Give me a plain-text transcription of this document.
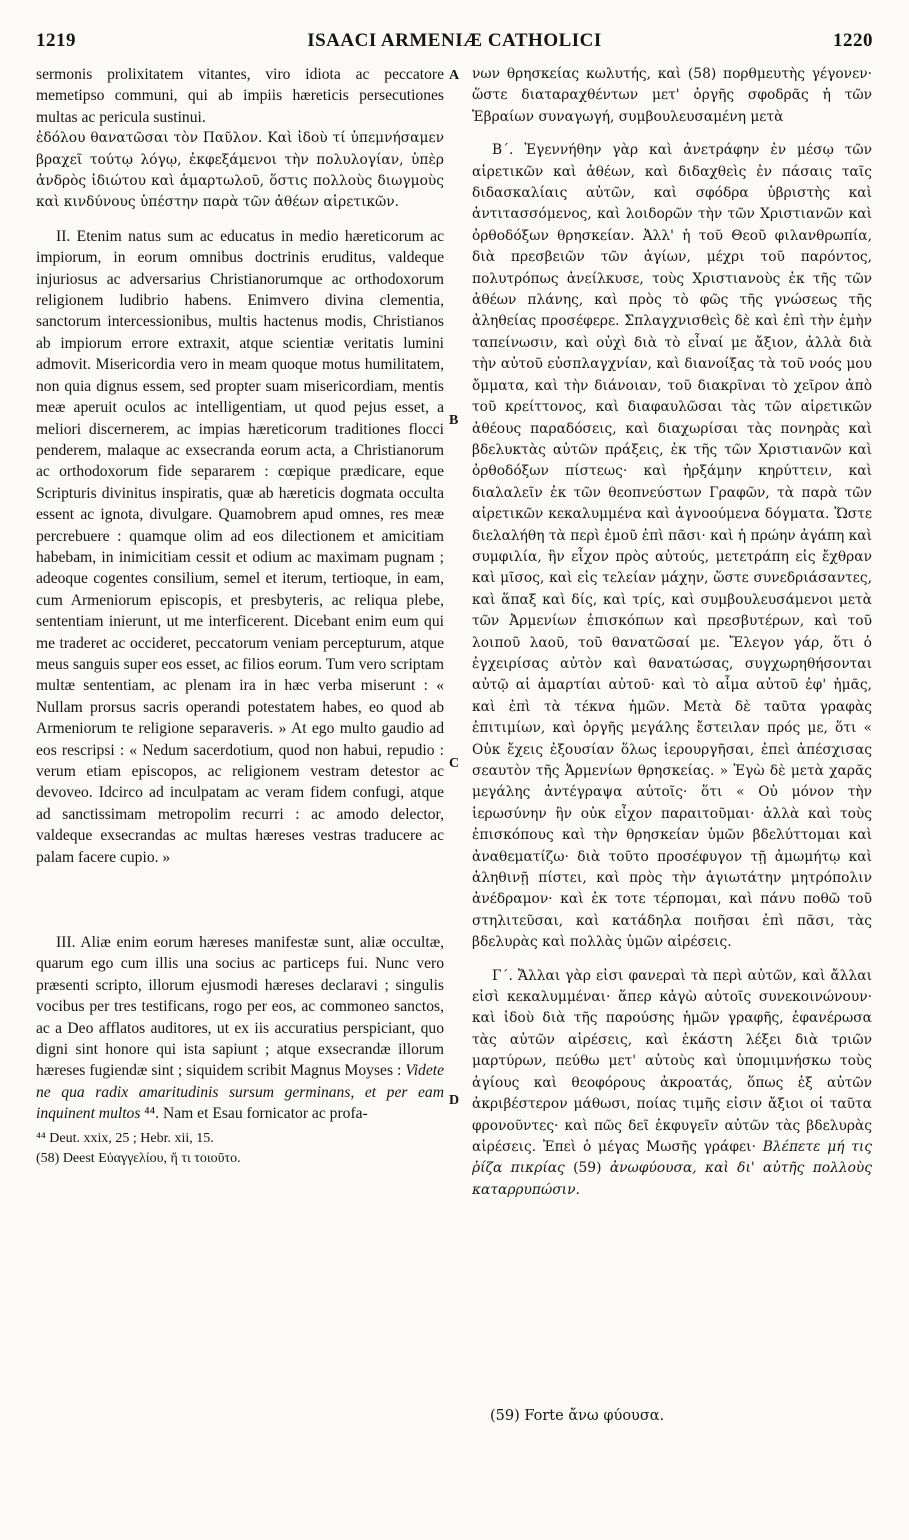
1219	ISAACI ARMENIÆ CATHOLICI	1220
A
B
C
D

sermonis prolixitatem vitantes, viro idiota ac peccatore memetipso communi, qui ab impiis hæreticis persecutiones multas ac pericula sustinui.

ἐδόλου θανατῶσαι τὸν Παῦλον. Καὶ ἰδοὺ τί ὑπεμνήσαμεν βραχεῖ τούτῳ λόγῳ, ἐκφεξάμενοι τὴν πολυλογίαν, ὑπὲρ ἀνδρὸς ἰδιώτου καὶ ἁμαρτωλοῦ, ὅστις πολλοὺς διωγμοὺς καὶ κινδύνους ὑπέστην παρὰ τῶν ἀθέων αἱρετικῶν.

II. Etenim natus sum ac educatus in medio hæreticorum ac impiorum, in eorum omnibus doctrinis eruditus, valdeque injuriosus ac adversarius Christianorumque ac orthodoxorum religionem ludibrio habens. Enimvero divina clementia, sanctorum intercessionibus, multis hactenus modis, Christianos ab impiorum errore extraxit, atque scientiæ veritatis lumini admovit. Misericordia vero in meam quoque motus humilitatem, non quia dignus essem, sed propter suam misericordiam, mentis meæ aperuit oculos ac intelligentiam, ut quod pejus esset, a meliori discernerem, ac impias hæreticorum traditiones flocci penderem, malaque ac exsecranda eorum acta, a Christianorum ac orthodoxorum fide separarem : cœpique prædicare, eque Scripturis divinitus inspiratis, quæ ab hæreticis dogmata occulta essent ac ignota, divulgare. Quamobrem apud omnes, res meæ percrebuere : quamque olim ad eos dilectionem et amicitiam habebam, in inimicitiam cessit et odium ac maximam pugnam ; adeoque cogentes consilium, semel et iterum, tertioque, in eam, cum Armeniorum episcopis, et presbyteris, ac reliqua plebe, sententiam inierunt, ut me interficerent. Dicebant enim eum qui me traderet ac occideret, peccatorum veniam percepturum, atque meus sanguis super eos esset, ac filios eorum. Tum vero scriptam multæ sententiam, ac plenam ira in hæc verba miserunt : « Nullam prorsus sacris operandi potestatem habes, eo quod ab Armeniorum te religione separaveris. » At ego multo gaudio ad eos rescripsi : « Nedum sacerdotium, quod non habui, repudio : verum etiam episcopos, ac religionem vestram detestor ac devoveo. Idcirco ad inculpatam ac veram fidem confugi, atque ad sanctissimam metropolim recurri : ac amodo delector, valdeque exsecrandas ac multas hæreses vestras traducere ac palam facere cupio. »

III. Aliæ enim eorum hæreses manifestæ sunt, aliæ occultæ, quarum ego cum illis una socius ac particeps fui. Nunc vero præsenti scripto, illorum ejusmodi hæreses declaravi ; singulis vocibus per tres testificans, rogo per eos, ac commoneo sanctos, ac a Deo afflatos auditores, ut ex iis accuratius perspiciant, quo digni sint honore qui ista sapiunt ; atque exsecrandæ illorum hæreses fugiendæ sint ; siquidem scribit Magnus Moyses : Videte ne qua radix amaritudinis sursum germinans, et per eam inquinent multos ⁴⁴. Nam et Esau fornicator ac profa-

⁴⁴ Deut. xxix, 25 ; Hebr. xii, 15.

(58) Deest Εὐαγγελίου, ἤ τι τοιοῦτο.

νων θρησκείας κωλυτής, καὶ (58) πορθμευτὴς γέγονεν· ὥστε διαταραχθέντων μετ' ὀργῆς σφοδρᾶς ἡ τῶν Ἑβραίων συναγωγή, συμβουλευσαμένη μετὰ

Β΄. Ἐγεννήθην γὰρ καὶ ἀνετράφην ἐν μέσῳ τῶν αἱρετικῶν καὶ ἀθέων, καὶ διδαχθεὶς ἐν πάσαις ταῖς διδασκαλίαις αὐτῶν, καὶ σφόδρα ὑβριστὴς καὶ ἀντιτασσόμενος, καὶ λοιδορῶν τὴν τῶν Χριστιανῶν καὶ ὀρθοδόξων θρησκείαν. Ἀλλ' ἡ τοῦ Θεοῦ φιλανθρωπία, διὰ πρεσβειῶν τῶν ἁγίων, μέχρι τοῦ παρόντος, πολυτρόπως ἀνείλκυσε, τοὺς Χριστιανοὺς ἐκ τῆς τῶν ἀθέων πλάνης, καὶ πρὸς τὸ φῶς τῆς γνώσεως τῆς ἀληθείας προσέφερε. Σπλαγχνισθεὶς δὲ καὶ ἐπὶ τὴν ἐμὴν ταπείνωσιν, καὶ οὐχὶ διὰ τὸ εἶναί με ἄξιον, ἀλλὰ διὰ τὴν αὐτοῦ εὐσπλαγχνίαν, καὶ διανοίξας τὰ τοῦ νοός μου ὄμματα, καὶ τὴν διάνοιαν, τοῦ διακρῖναι τὸ χεῖρον ἀπὸ τοῦ κρείττονος, καὶ διαφαυλῶσαι τὰς τῶν αἱρετικῶν ἀθέους παραδόσεις, καὶ διαχωρίσαι τὰς πονηρὰς καὶ βδελυκτὰς αὐτῶν πράξεις, ἐκ τῆς τῶν Χριστιανῶν καὶ ὀρθοδόξων πίστεως· καὶ ἠρξάμην κηρύττειν, καὶ διαλαλεῖν ἐκ τῶν θεοπνεύστων Γραφῶν, τὰ παρὰ τῶν αἱρετικῶν κεκαλυμμένα καὶ ἀγνοούμενα δόγματα. Ὥστε διελαλήθη τὰ περὶ ἐμοῦ ἐπὶ πᾶσι· καὶ ἡ πρώην ἀγάπη καὶ συμφιλία, ἣν εἶχον πρὸς αὐτούς, μετετράπη εἰς ἔχθραν καὶ μῖσος, καὶ εἰς τελείαν μάχην, ὥστε συνεδριάσαντες, καὶ ἅπαξ καὶ δίς, καὶ τρίς, καὶ συμβουλευσάμενοι μετὰ τῶν Ἀρμενίων ἐπισκόπων καὶ πρεσβυτέρων, καὶ τοῦ λοιποῦ λαοῦ, τοῦ θανατῶσαί με. Ἔλεγον γάρ, ὅτι ὁ ἐγχειρίσας αὐτὸν καὶ θανατώσας, συγχωρηθήσονται αὐτῷ αἱ ἁμαρτίαι αὐτοῦ· καὶ τὸ αἷμα αὐτοῦ ἐφ' ἡμᾶς, καὶ ἐπὶ τὰ τέκνα ἡμῶν. Μετὰ δὲ ταῦτα γραφὰς ἐπιτιμίων, καὶ ὀργῆς μεγάλης ἔστειλαν πρός με, ὅτι « Οὐκ ἔχεις ἐξουσίαν ὅλως ἱερουργῆσαι, ἐπεὶ ἀπέσχισας σεαυτὸν τῆς Ἀρμενίων θρησκείας. » Ἐγὼ δὲ μετὰ χαρᾶς μεγάλης ἀντέγραψα αὐτοῖς· ὅτι « Οὐ μόνον τὴν ἱερωσύνην ἣν οὐκ εἶχον παραιτοῦμαι· ἀλλὰ καὶ τοὺς ἐπισκόπους καὶ τὴν θρησκείαν ὑμῶν βδελύττομαι καὶ ἀναθεματίζω· διὰ τοῦτο προσέφυγον τῇ ἀμωμήτῳ καὶ ἀληθινῇ πίστει, καὶ πρὸς τὴν ἁγιωτάτην μητρόπολιν ἀνέδραμον· καὶ ἐκ τοτε τέρπομαι, καὶ πάνυ ποθῶ τοῦ στηλιτεῦσαι, καὶ κατάδηλα ποιῆσαι ἐπὶ πᾶσι, τὰς βδελυρὰς καὶ πολλὰς ὑμῶν αἱρέσεις.

Γ΄. Ἄλλαι γὰρ εἰσι φανεραὶ τὰ περὶ αὐτῶν, καὶ ἄλλαι εἰσὶ κεκαλυμμέναι· ἅπερ κἀγὼ αὐτοῖς συνεκοινώνουν· καὶ ἰδοὺ διὰ τῆς παρούσης ἡμῶν γραφῆς, ἐφανέρωσα τὰς αὐτῶν αἱρέσεις, καὶ ἑκάστη λέξει διὰ τριῶν μαρτύρων, πεύθω μετ' αὐτοὺς καὶ ὑπομιμνήσκω τοὺς ἁγίους καὶ θεοφόρους ἀκροατάς, ὅπως ἐξ αὐτῶν ἀκριβέστερον μάθωσι, ποίας τιμῆς εἰσιν ἄξιοι οἱ ταῦτα φρονοῦντες· καὶ πῶς δεῖ ἐκφυγεῖν αὐτῶν τὰς βδελυρὰς αἱρέσεις. Ἐπεὶ ὁ μέγας Μωσῆς γράφει· Βλέπετε μή τις ῥίζα πικρίας (59) ἀνωφύουσα, καὶ δι' αὐτῆς πολλοὺς καταρρυπώσιν.

(59) Forte ἄνω φύουσα.
